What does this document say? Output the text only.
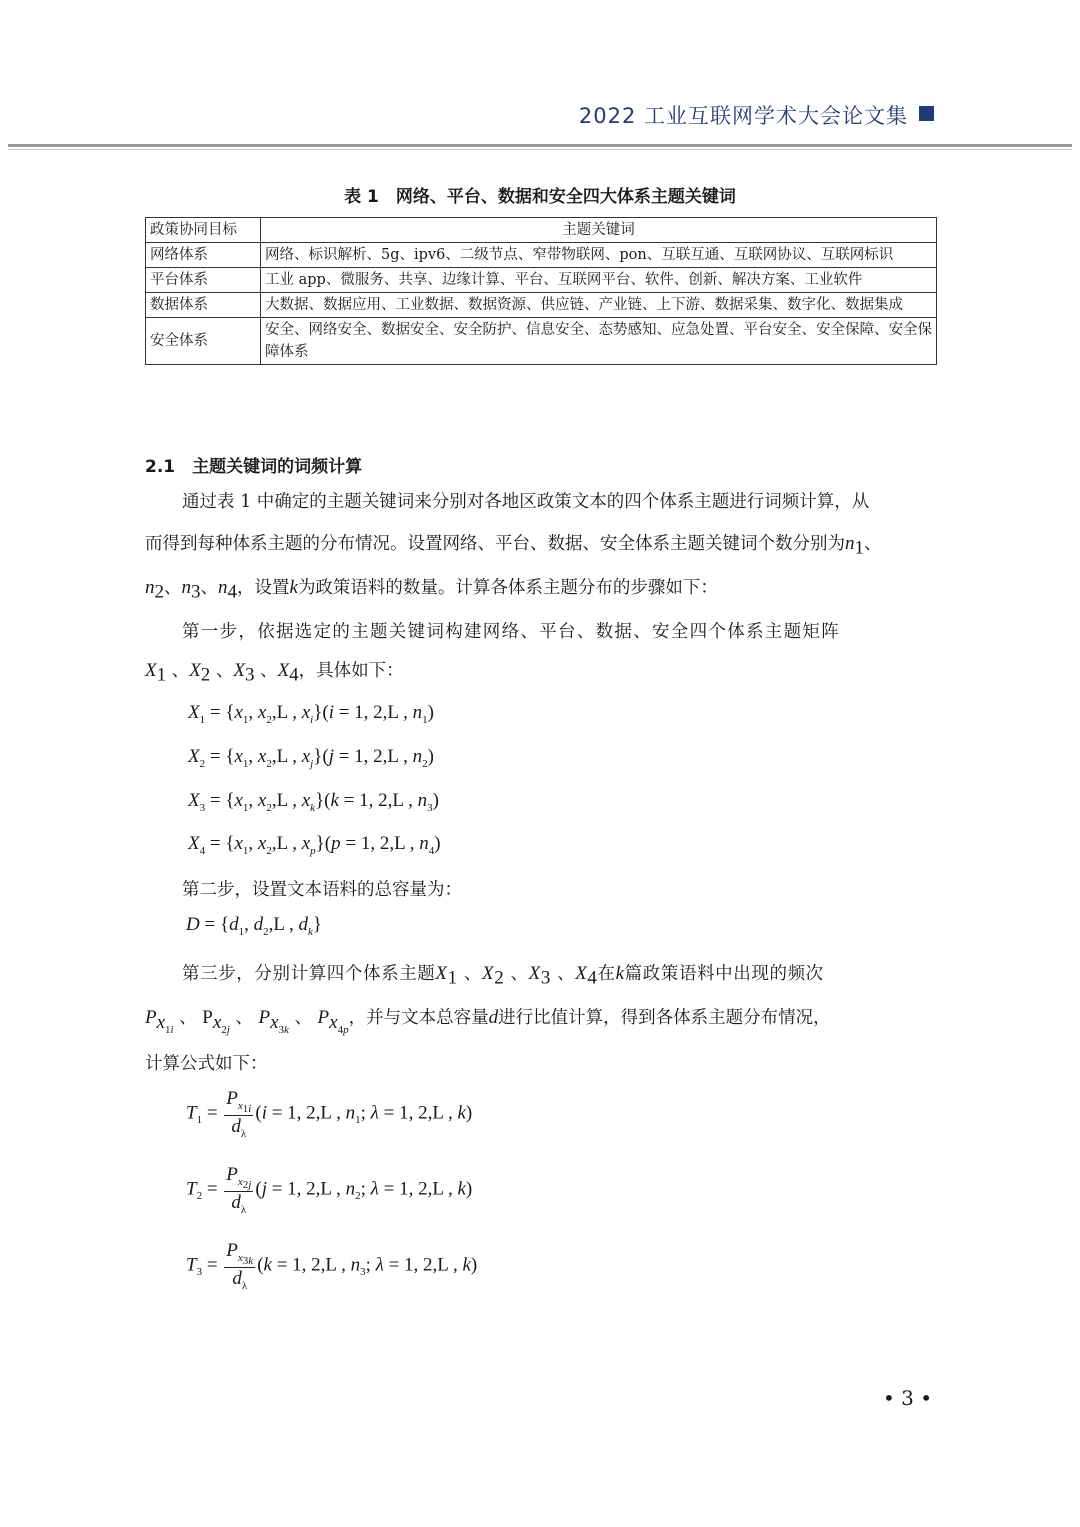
2022 工业互联网学术大会论文集
表 1　网络、平台、数据和安全四大体系主题关键词
政策协同目标	主题关键词
网络体系	网络、标识解析、5g、ipv6、二级节点、窄带物联网、pon、互联互通、互联网协议、互联网标识
平台体系	工业 app、微服务、共享、边缘计算、平台、互联网平台、软件、创新、解决方案、工业软件
数据体系	大数据、数据应用、工业数据、数据资源、供应链、产业链、上下游、数据采集、数字化、数据集成
安全体系	安全、网络安全、数据安全、安全防护、信息安全、态势感知、应急处置、平台安全、安全保障、安全保障体系
2.1　主题关键词的词频计算
通过表 1 中确定的主题关键词来分别对各地区政策文本的四个体系主题进行词频计算，从
而得到每种体系主题的分布情况。设置网络、平台、数据、安全体系主题关键词个数分别为$n_1$、
$n_2$、$n_3$、$n_4$，设置k为政策语料的数量。计算各体系主题分布的步骤如下：
第一步，依据选定的主题关键词构建网络、平台、数据、安全四个体系主题矩阵
$X_1$ 、$X_2$ 、$X_3$ 、$X_4$，具体如下：
$X_1 = \{x_1$, $x_2,L$ , $x_i\}(i = 1$, 2,L , $n_1$)
$X_2 = \{x_1$, $x_2,L$ , $x_j\}(j = 1$, 2,L , $n_2$)
$X_3 = \{x_1$, $x_2,L$ , $x_k\}(k = 1$, 2,L , $n_3$)
$X_4 = \{x_1$, $x_2,L$ , $x_p\}(p = 1$, 2,L , $n_4$)
第二步，设置文本语料的总容量为：
$D = \{d_1$, $d_2,L$ , $d_k$}
第三步，分别计算四个体系主题$X_1$ 、$X_2$ 、$X_3$ 、$X_4$在k篇政策语料中出现的频次
$P_{x_{1i}}$ 、 $P_{x_{2j}}$ 、 $P_{x_{3k}}$ 、 $P_{x_{4p}}$，并与文本总容量d进行比值计算，得到各体系主题分布情况，
计算公式如下：
$T_1 = \frac{P_{x_{1i}}}{d_\lambda} (i = 1$, 2,L , $n_1$; λ = 1, 2,L , k)
$T_2 = \frac{P_{x_{2j}}}{d_\lambda} (j = 1$, 2,L , $n_2$; λ = 1, 2,L , k)
$T_3 = \frac{P_{x_{3k}}}{d_\lambda} (k = 1$, 2,L , $n_3$; λ = 1, 2,L , k)
• 3 •
